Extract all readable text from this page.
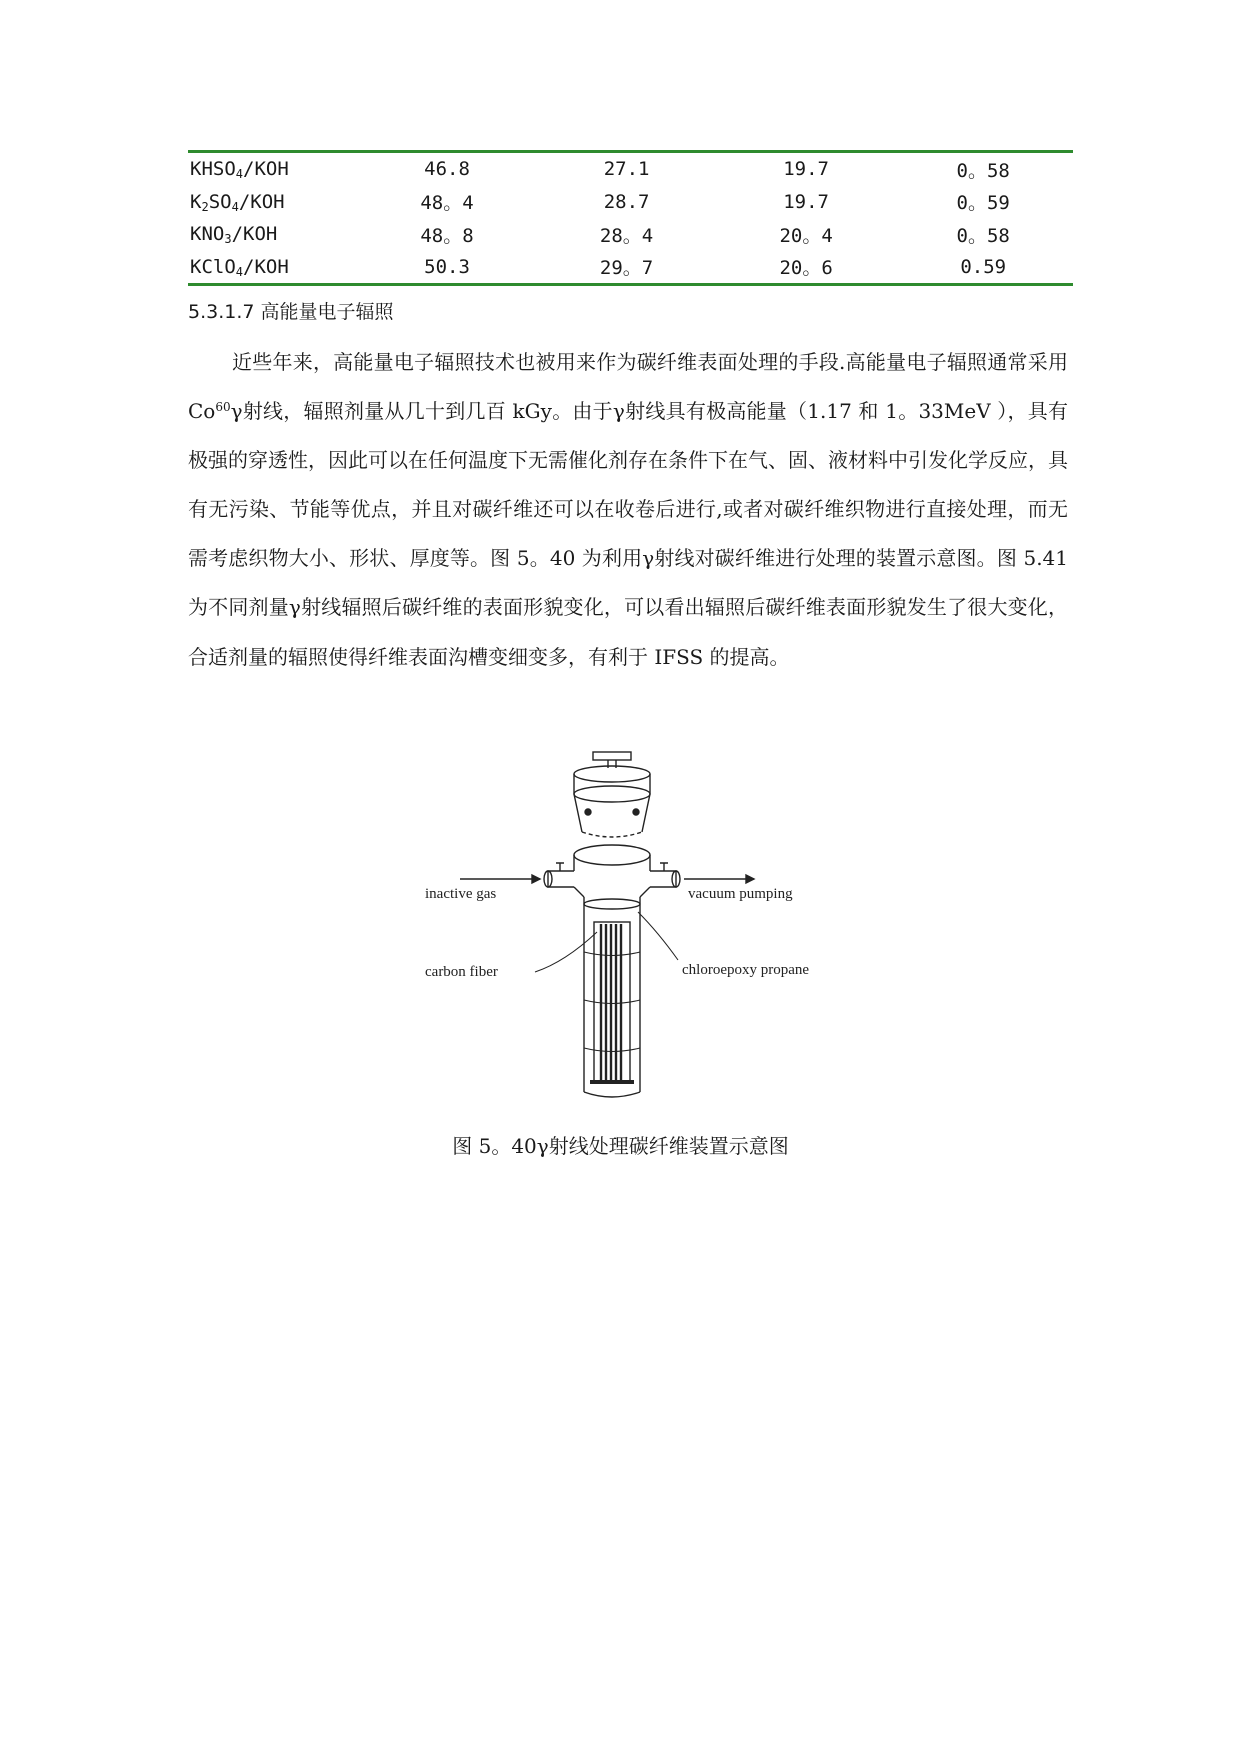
$KHSO_4$/KOH	46.8	27.1	19.7	0。58
$K_2SO_4$/KOH	48。4	28.7	19.7	0。59
$KNO_3$/KOH	48。8	28。4	20。4	0。58
KClO$_4$/KOH	50.3	29。7	20。6	0.59
5.3.1.7 高能量电子辐照

近些年来，高能量电子辐照技术也被用来作为碳纤维表面处理的手段.高能量电子辐照通常采用 Co$^{60}$γ射线，辐照剂量从几十到几百 kGy。由于γ射线具有极高能量（1.17 和 1。33MeV ），具有极强的穿透性，因此可以在任何温度下无需催化剂存在条件下在气、固、液材料中引发化学反应，具有无污染、节能等优点，并且对碳纤维还可以在收卷后进行,或者对碳纤维织物进行直接处理，而无需考虑织物大小、形状、厚度等。图 5。40 为利用γ射线对碳纤维进行处理的装置示意图。图 5.41 为不同剂量γ射线辐照后碳纤维的表面形貌变化，可以看出辐照后碳纤维表面形貌发生了很大变化，合适剂量的辐照使得纤维表面沟槽变细变多，有利于 IFSS 的提高。

inactive gas	vacuum pumping
carbon fiber	chloroepoxy propane
图 5。40γ射线处理碳纤维装置示意图
